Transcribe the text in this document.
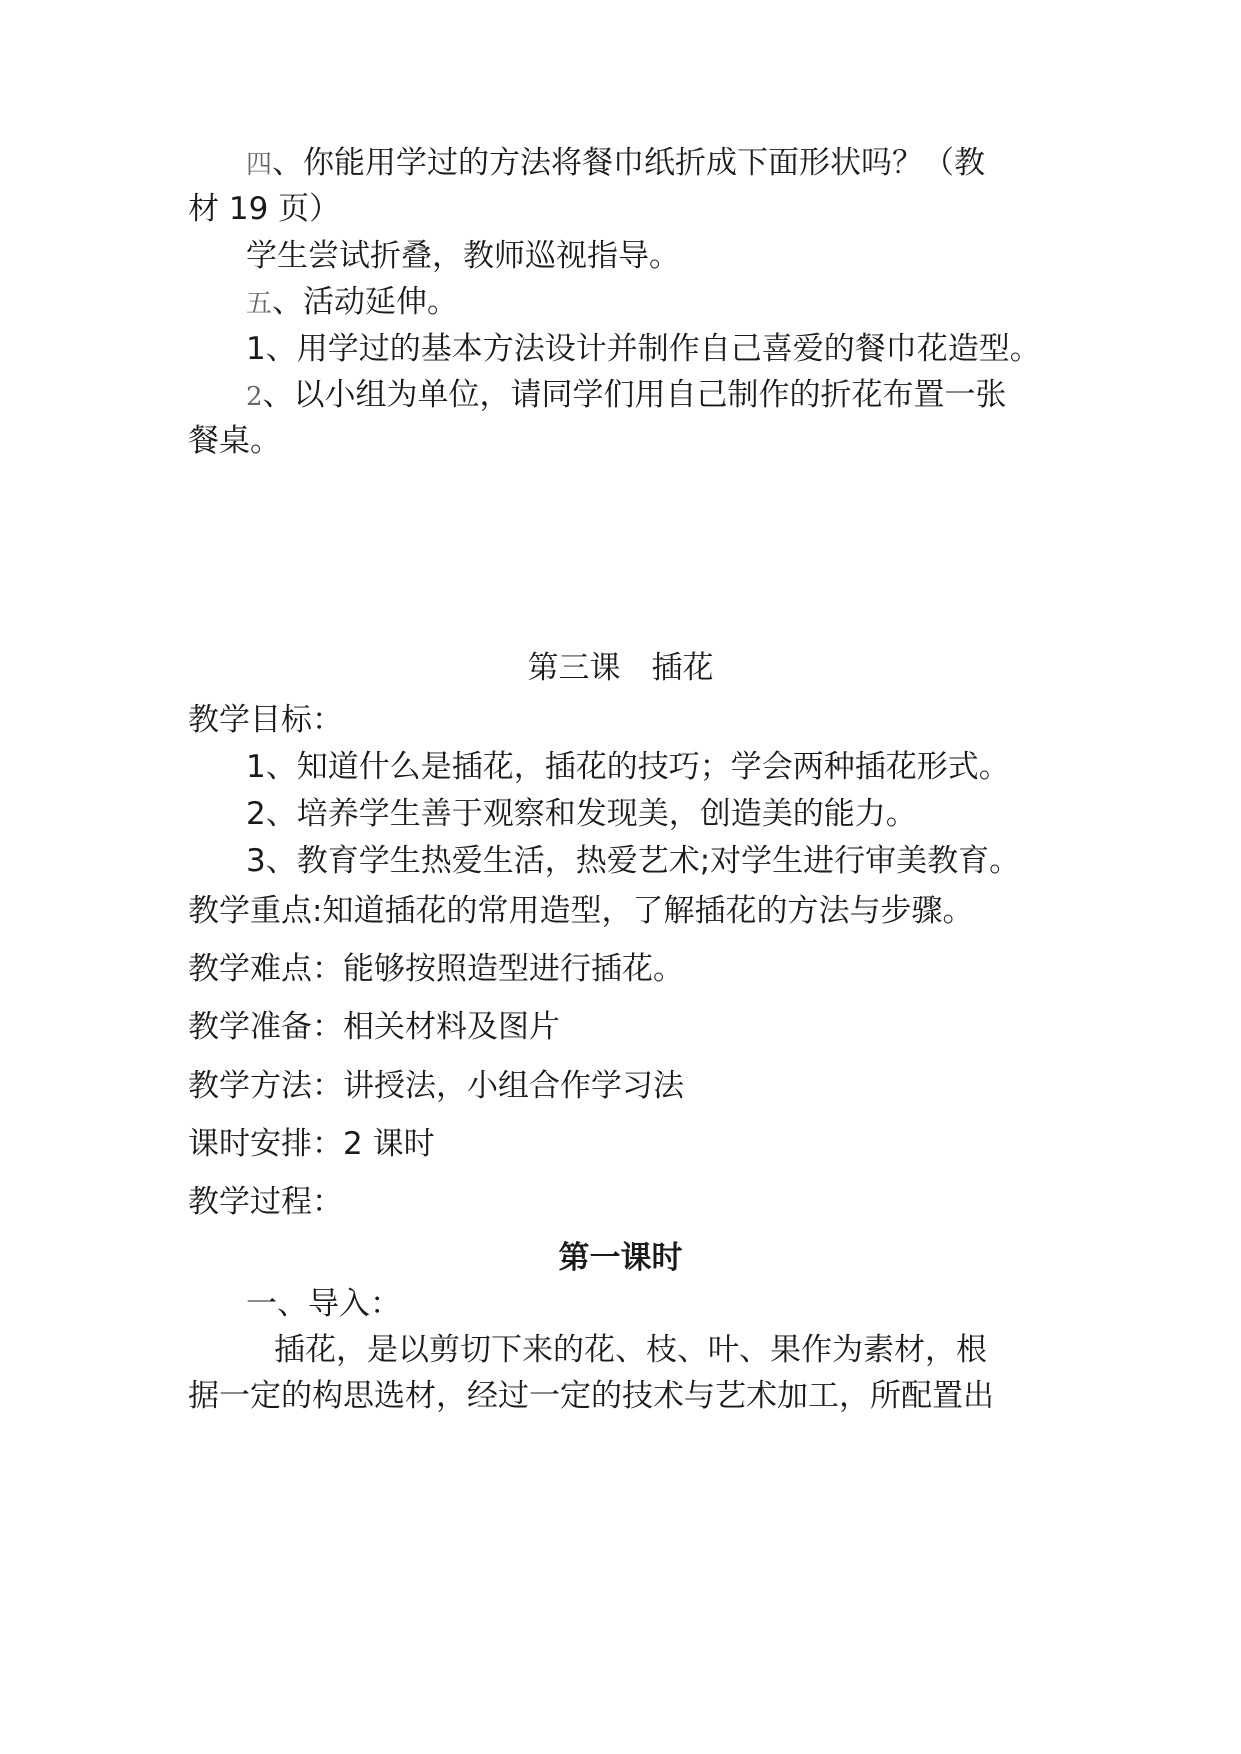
四、你能用学过的方法将餐巾纸折成下面形状吗？（教

材 19 页）

学生尝试折叠，教师巡视指导。

五、活动延伸。

1、用学过的基本方法设计并制作自己喜爱的餐巾花造型。

2、以小组为单位，请同学们用自己制作的折花布置一张

餐桌。

第三课　插花

教学目标：

1、知道什么是插花，插花的技巧；学会两种插花形式。

2、培养学生善于观察和发现美，创造美的能力。

3、教育学生热爱生活，热爱艺术;对学生进行审美教育。

教学重点:知道插花的常用造型，了解插花的方法与步骤。

教学难点：能够按照造型进行插花。

教学准备：相关材料及图片

教学方法：讲授法，小组合作学习法

课时安排：2 课时

教学过程：

第一课时

一、导入：

插花，是以剪切下来的花、枝、叶、果作为素材，根

据一定的构思选材，经过一定的技术与艺术加工，所配置出
